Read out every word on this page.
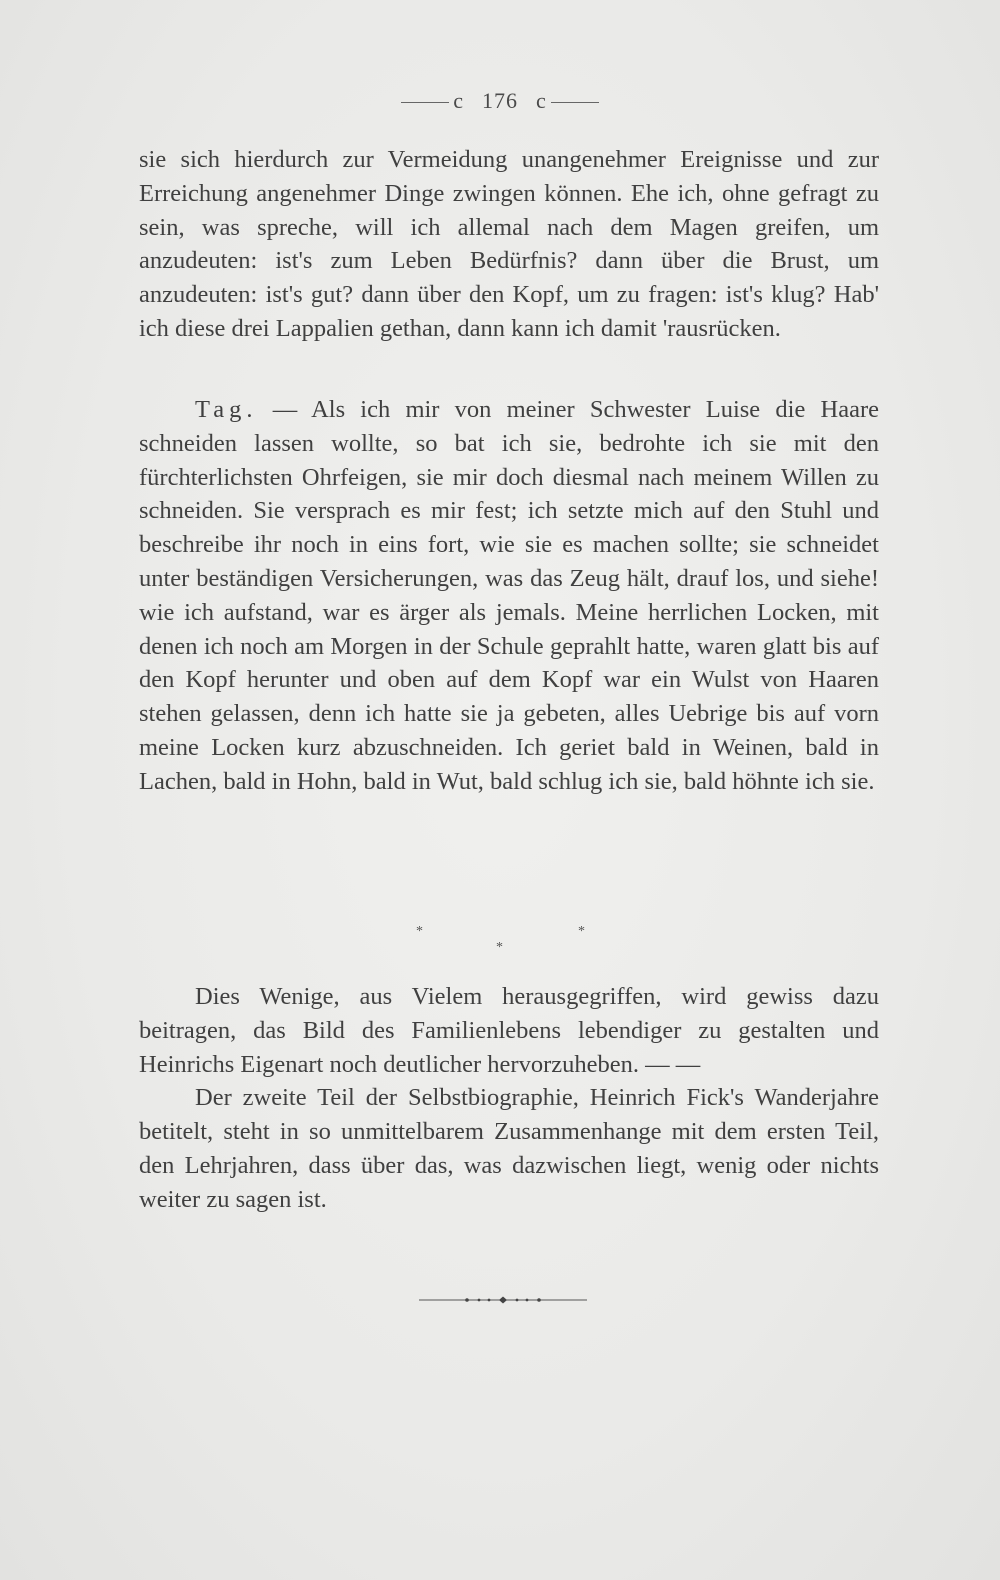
c 176 c

sie sich hierdurch zur Vermeidung unangenehmer Ereignisse und zur Erreichung angenehmer Dinge zwingen können. Ehe ich, ohne gefragt zu sein, was spreche, will ich allemal nach dem Magen greifen, um anzudeuten: ist's zum Leben Bedürfnis? dann über die Brust, um anzudeuten: ist's gut? dann über den Kopf, um zu fragen: ist's klug? Hab' ich diese drei Lappalien gethan, dann kann ich damit 'rausrücken.

Tag. — Als ich mir von meiner Schwester Luise die Haare schneiden lassen wollte, so bat ich sie, bedrohte ich sie mit den fürchterlichsten Ohrfeigen, sie mir doch diesmal nach meinem Willen zu schneiden. Sie versprach es mir fest; ich setzte mich auf den Stuhl und beschreibe ihr noch in eins fort, wie sie es machen sollte; sie schneidet unter beständigen Versicherungen, was das Zeug hält, drauf los, und siehe! wie ich aufstand, war es ärger als jemals. Meine herrlichen Locken, mit denen ich noch am Morgen in der Schule geprahlt hatte, waren glatt bis auf den Kopf herunter und oben auf dem Kopf war ein Wulst von Haaren stehen gelassen, denn ich hatte sie ja gebeten, alles Uebrige bis auf vorn meine Locken kurz abzuschneiden. Ich geriet bald in Weinen, bald in Lachen, bald in Hohn, bald in Wut, bald schlug ich sie, bald höhnte ich sie.

*
*
*

Dies Wenige, aus Vielem herausgegriffen, wird gewiss dazu beitragen, das Bild des Familienlebens lebendiger zu gestalten und Heinrichs Eigenart noch deutlicher hervorzuheben. — —

Der zweite Teil der Selbstbiographie, Heinrich Fick's Wanderjahre betitelt, steht in so unmittelbarem Zusammenhange mit dem ersten Teil, den Lehrjahren, dass über das, was dazwischen liegt, wenig oder nichts weiter zu sagen ist.
